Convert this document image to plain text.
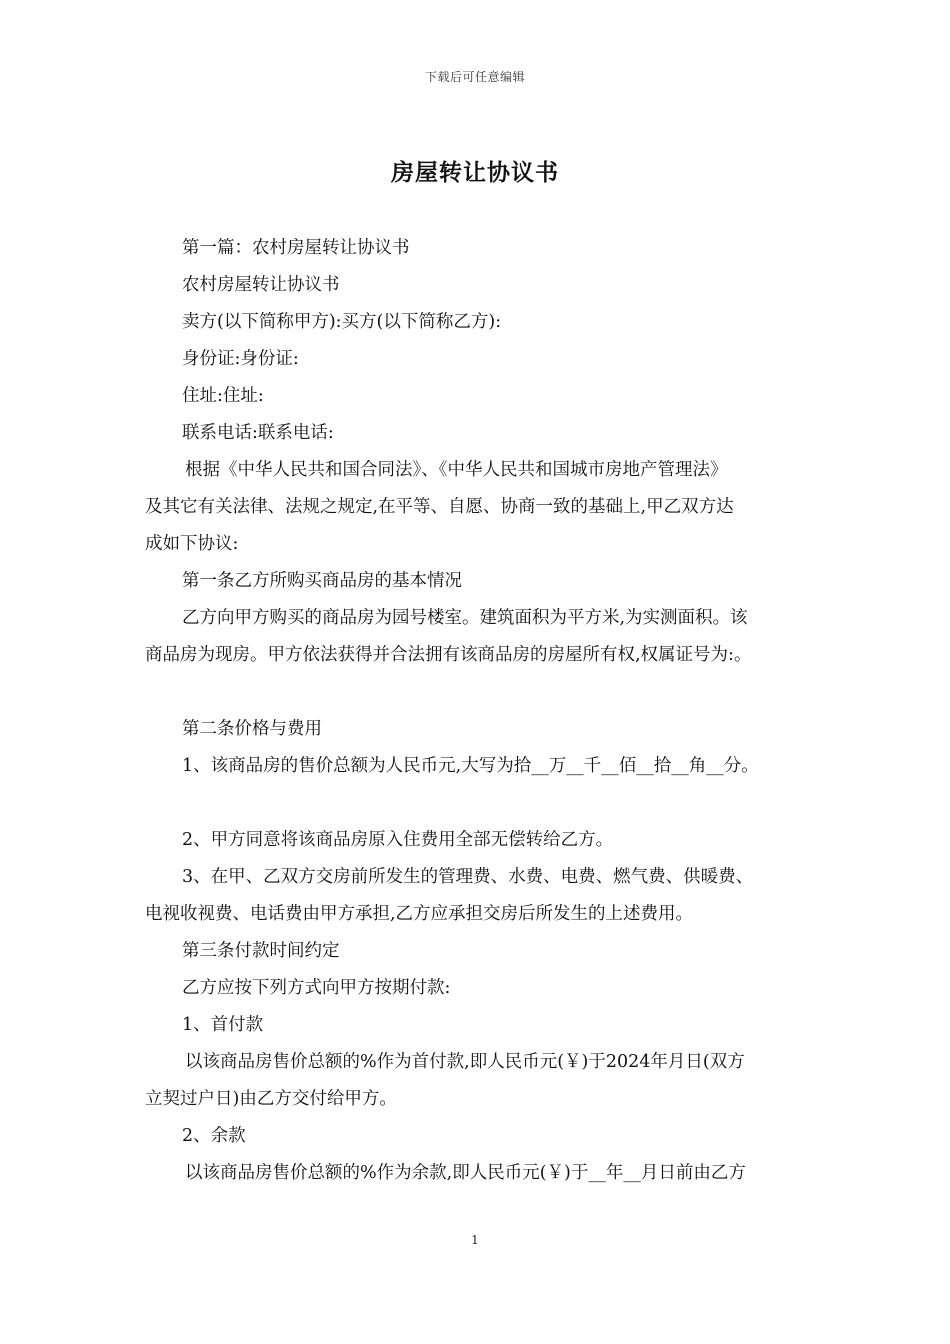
下载后可任意编辑
房屋转让协议书
第一篇：农村房屋转让协议书
农村房屋转让协议书
卖方(以下简称甲方):买方(以下简称乙方):
身份证:身份证:
住址:住址:
联系电话:联系电话:
根据《中华人民共和国合同法》、《中华人民共和国城市房地产管理法》
及其它有关法律、法规之规定,在平等、自愿、协商一致的基础上,甲乙双方达
成如下协议:
第一条乙方所购买商品房的基本情况
乙方向甲方购买的商品房为园号楼室。建筑面积为平方米,为实测面积。该
商品房为现房。甲方依法获得并合法拥有该商品房的房屋所有权,权属证号为:。
第二条价格与费用
1、该商品房的售价总额为人民币元,大写为拾__万__千__佰__拾__角__分。
2、甲方同意将该商品房原入住费用全部无偿转给乙方。
3、在甲、乙双方交房前所发生的管理费、水费、电费、燃气费、供暖费、
电视收视费、电话费由甲方承担,乙方应承担交房后所发生的上述费用。
第三条付款时间约定
乙方应按下列方式向甲方按期付款:
1、首付款
以该商品房售价总额的%作为首付款,即人民币元(￥)于2024年月日(双方
立契过户日)由乙方交付给甲方。
2、余款
以该商品房售价总额的%作为余款,即人民币元(￥)于__年__月日前由乙方
1
